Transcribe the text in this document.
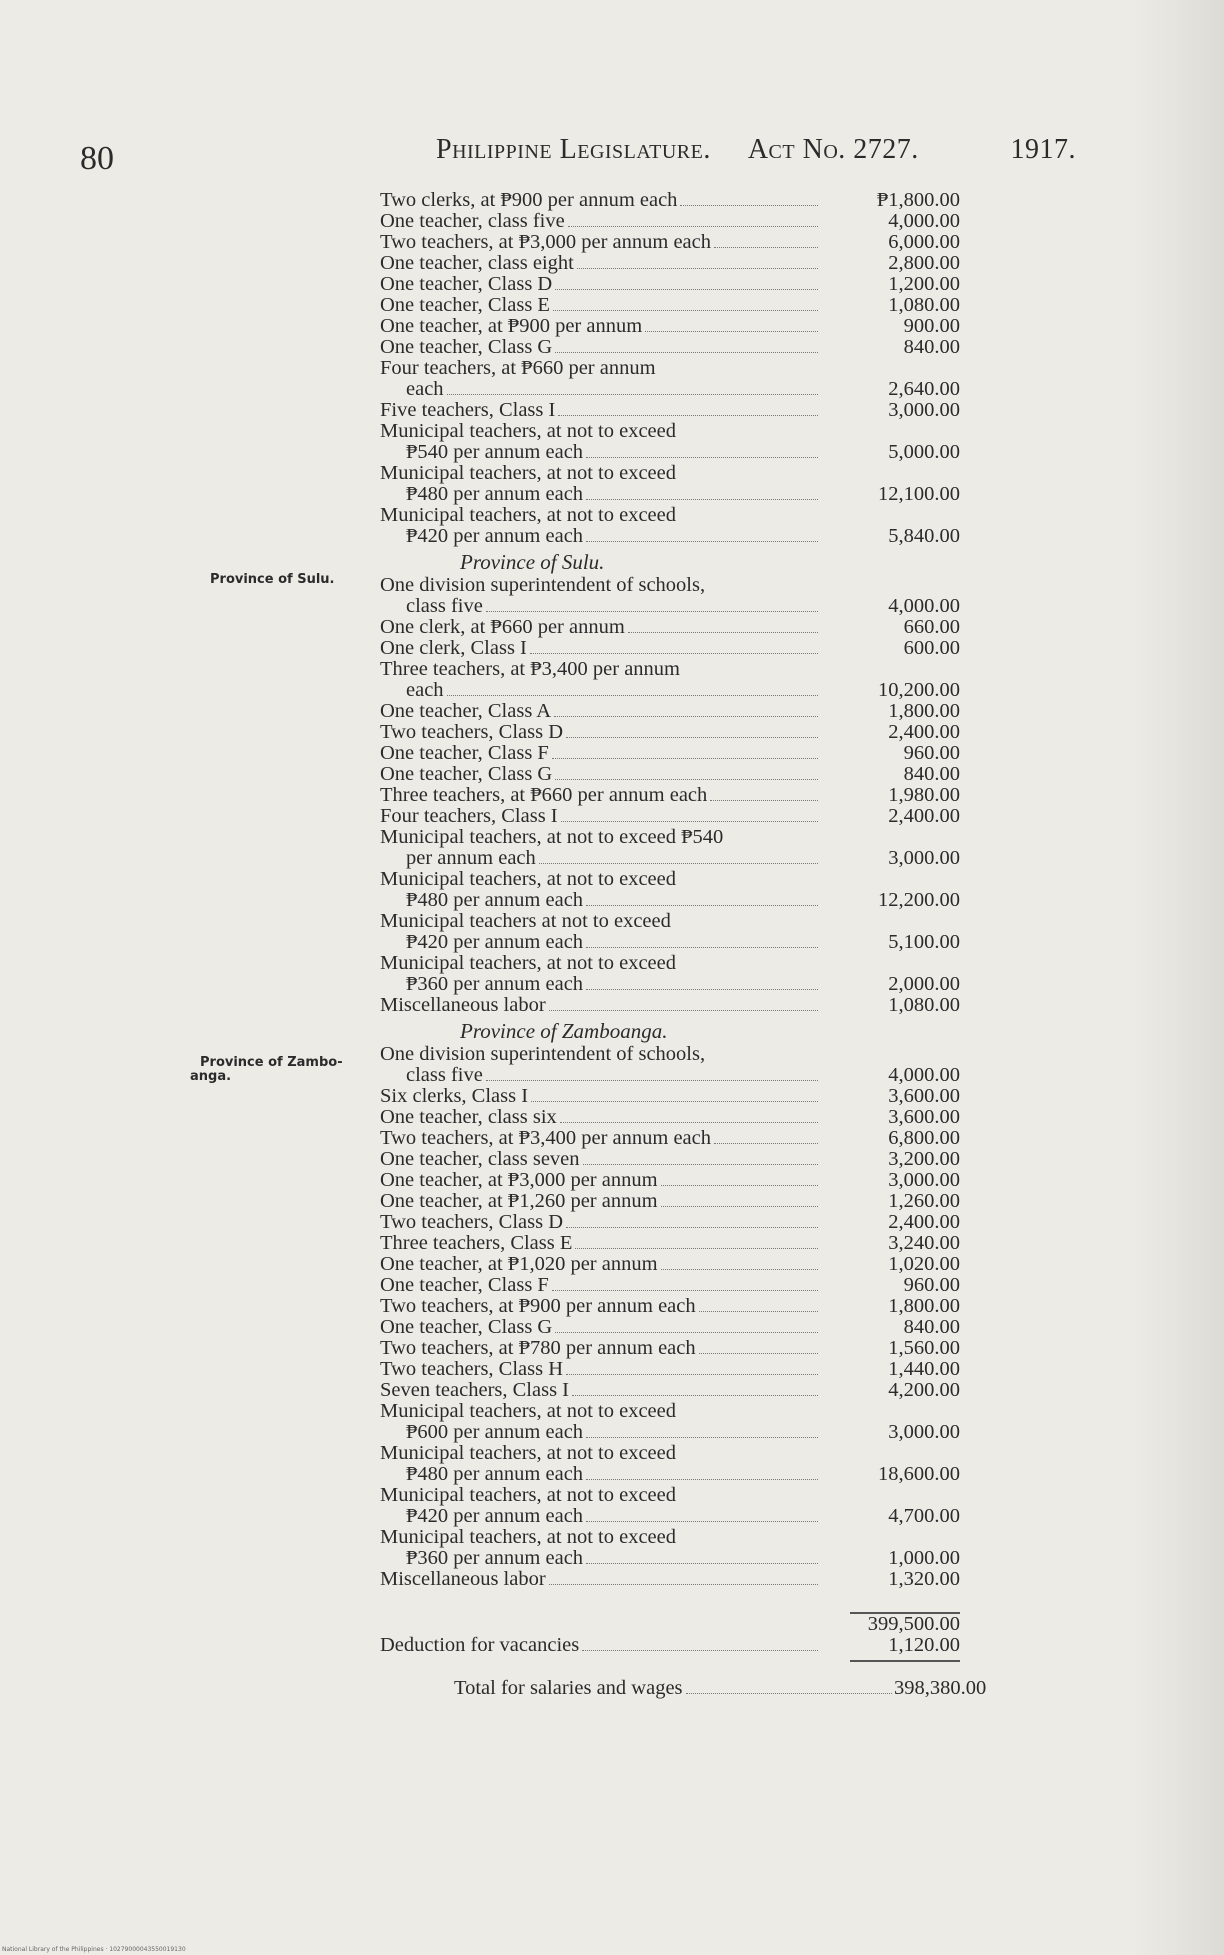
80	Philippine Legislature. Act No. 2727.	1917.
Province of Sulu.
Province of Zambo-
anga.
Two clerks, at ₱900 per annum each	₱1,800.00
One teacher, class five	4,000.00
Two teachers, at ₱3,000 per annum each	6,000.00
One teacher, class eight	2,800.00
One teacher, Class D	1,200.00
One teacher, Class E	1,080.00
One teacher, at ₱900 per annum	900.00
One teacher, Class G	840.00
Four teachers, at ₱660 per annum
each	2,640.00
Five teachers, Class I	3,000.00
Municipal teachers, at not to exceed
₱540 per annum each	5,000.00
Municipal teachers, at not to exceed
₱480 per annum each	12,100.00
Municipal teachers, at not to exceed
₱420 per annum each	5,840.00
Province of Sulu.
One division superintendent of schools,
class five	4,000.00
One clerk, at ₱660 per annum	660.00
One clerk, Class I	600.00
Three teachers, at ₱3,400 per annum
each	10,200.00
One teacher, Class A	1,800.00
Two teachers, Class D	2,400.00
One teacher, Class F	960.00
One teacher, Class G	840.00
Three teachers, at ₱660 per annum each	1,980.00
Four teachers, Class I	2,400.00
Municipal teachers, at not to exceed ₱540
per annum each	3,000.00
Municipal teachers, at not to exceed
₱480 per annum each	12,200.00
Municipal teachers at not to exceed
₱420 per annum each	5,100.00
Municipal teachers, at not to exceed
₱360 per annum each	2,000.00
Miscellaneous labor	1,080.00
Province of Zamboanga.
One division superintendent of schools,
class five	4,000.00
Six clerks, Class I	3,600.00
One teacher, class six	3,600.00
Two teachers, at ₱3,400 per annum each	6,800.00
One teacher, class seven	3,200.00
One teacher, at ₱3,000 per annum	3,000.00
One teacher, at ₱1,260 per annum	1,260.00
Two teachers, Class D	2,400.00
Three teachers, Class E	3,240.00
One teacher, at ₱1,020 per annum	1,020.00
One teacher, Class F	960.00
Two teachers, at ₱900 per annum each	1,800.00
One teacher, Class G	840.00
Two teachers, at ₱780 per annum each	1,560.00
Two teachers, Class H	1,440.00
Seven teachers, Class I	4,200.00
Municipal teachers, at not to exceed
₱600 per annum each	3,000.00
Municipal teachers, at not to exceed
₱480 per annum each	18,600.00
Municipal teachers, at not to exceed
₱420 per annum each	4,700.00
Municipal teachers, at not to exceed
₱360 per annum each	1,000.00
Miscellaneous labor	1,320.00
399,500.00
Deduction for vacancies	1,120.00
Total for salaries and wages	398,380.00
National Library of the Philippines · 10279000043550019130
